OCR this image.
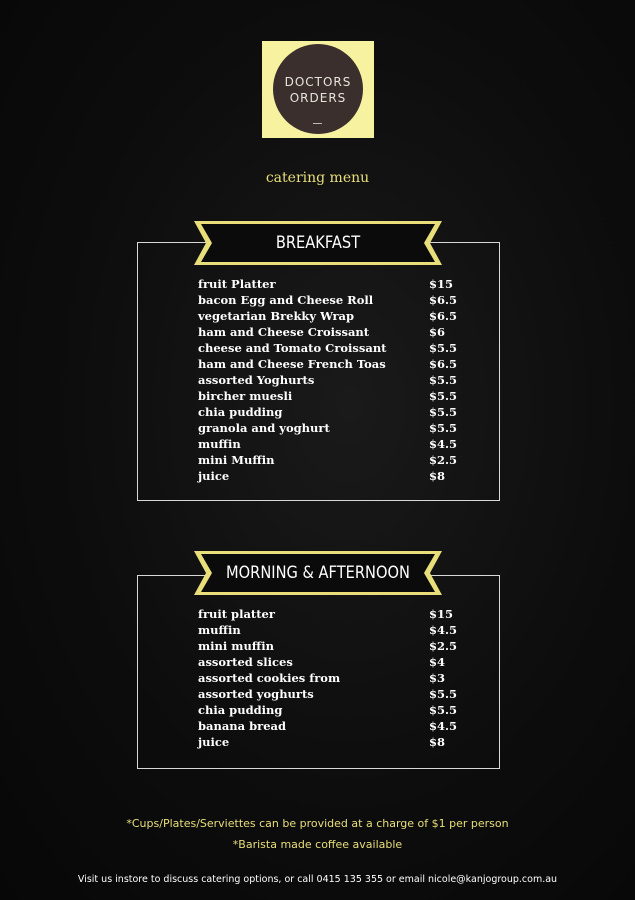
DOCTORS
ORDERS
catering menu
BREAKFAST
fruit Platter	$15
bacon Egg and Cheese Roll	$6.5
vegetarian Brekky Wrap	$6.5
ham and Cheese Croissant	$6
cheese and Tomato Croissant	$5.5
ham and Cheese French Toas	$6.5
assorted Yoghurts	$5.5
bircher muesli	$5.5
chia pudding	$5.5
granola and yoghurt	$5.5
muffin	$4.5
mini Muffin	$2.5
juice	$8
MORNING & AFTERNOON
fruit platter	$15
muffin	$4.5
mini muffin	$2.5
assorted slices	$4
assorted cookies from	$3
assorted yoghurts	$5.5
chia pudding	$5.5
banana bread	$4.5
juice	$8
*Cups/Plates/Serviettes can be provided at a charge of $1 per person
*Barista made coffee available
Visit us instore to discuss catering options, or call 0415 135 355 or email nicole@kanjogroup.com.au
